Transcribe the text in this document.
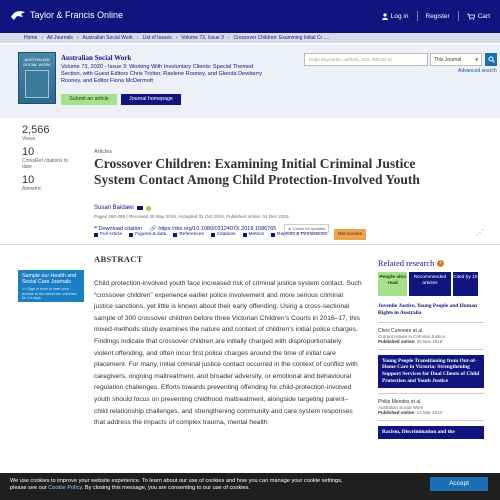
Taylor & Francis Online	Log in	Register	Cart
Home › All Journals › Australian Social Work › List of Issues › Volume 73, Issue 3 › Crossover Children: Examining Initial Cr ....
AUSTRALIAN SOCIAL WORK
Australian Social Work
Volume 73, 2020 - Issue 3: Working With Involuntary Clients: Special Themed Section, with Guest Editors Chris Trotter, Raelene Rooney, and Glenda Dewberry Rooney, and Editor Fiona McDermott
Submit an article	Journal homepage
Enter keywords, authors, DOI, ORCID et	This Journal	▾
Advanced search
2,566
Views
10
CrossRef citations to date
10
Altmetric
Articles
Crossover Children: Examining Initial Criminal Justice System Contact Among Child Protection-Involved Youth
Susan Baidawi
Pages 280-295 | Received 30 May 2019, Accepted 01 Oct 2019, Published online: 04 Dec 2019
❝ Download citation 🔗 https://doi.org/10.1080/0312407X.2019.1686765	● Check for updates
Full Article	Figures & data	References	Citations	Metrics	Reprints & Permissions	Get access	⋰
Sample our Health and Social Care Journals
>> Sign in here to start your access to the latest two volumes for 14 days
ABSTRACT

Child protection-involved youth face increased risk of criminal justice system contact. Such “crossover children” experience earlier police involvement and more serious criminal justice sanctions, yet little is known about their early offending. Using a cross-sectional sample of 300 crossover children before three Victorian Children’s Courts in 2016–17, this mixed-methods study examines the nature and context of children’s initial police charges. Findings indicate that crossover children are initially charged with disproportionately violent offending, and often incur first police charges around the time of initial care placement. For many, initial criminal justice contact occurred in the context of conflict with caregivers, ongoing maltreatment, and broader adversity, or emotional and behavioural regulation challenges. Efforts towards preventing offending for child-protection-involved youth should focus on preventing childhood maltreatment, alongside targeting parent–child relationship challenges, and strengthening community and care system responses that address the impacts of complex trauma, mental health

Related research	i
People also read
Recommended articles
Cited by 10
Juvenile Justice, Young People and Human Rights in Australia
Chris Cunneen et al.
Current Issues in Criminal Justice
Published online: 30 Nov 2018
Young People Transitioning from Out-of-Home Care in Victoria: Strengthening Support Services for Dual Clients of Child Protection and Youth Justice
Philip Mendes et al.
Australian Social Work
Published online: 13 Mar 2014
Racism, Discrimination and the
We use cookies to improve your website experience. To learn about our use of cookies and how you can manage your cookie settings,
please see our Cookie Policy. By closing this message, you are consenting to our use of cookies.
Accept
